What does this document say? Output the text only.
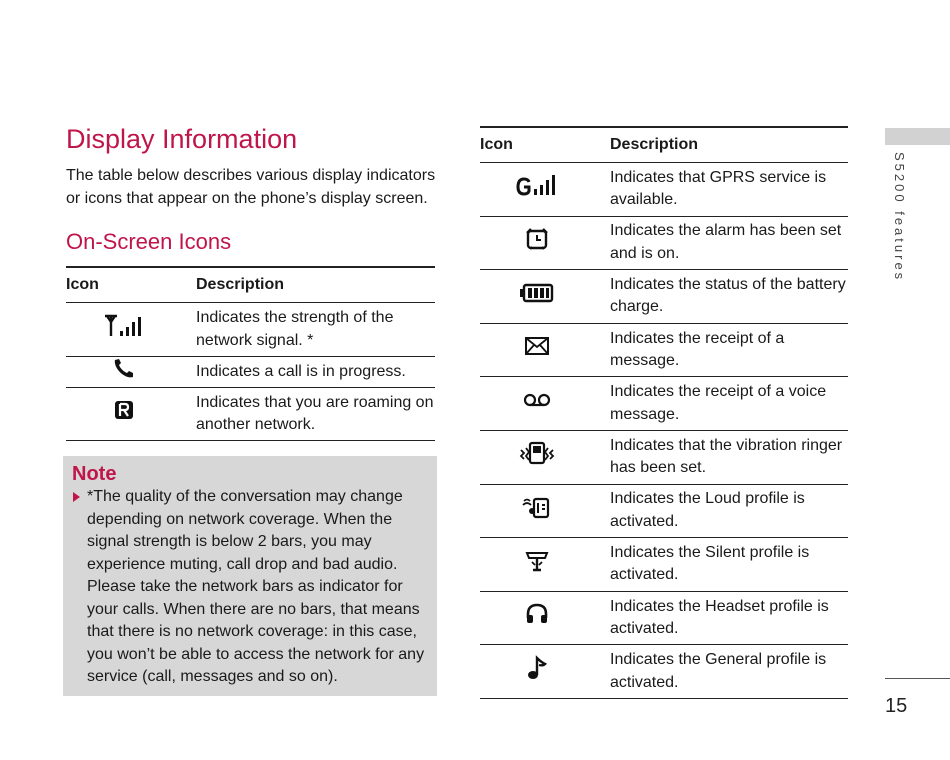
Display Information
The table below describes various display indicators or icons that appear on the phone’s display screen.
On-Screen Icons
Icon	Description
	Indicates the strength of the network signal. *
	Indicates a call is in progress.
	Indicates that you are roaming on another network.
Note
*The quality of the conversation may change depending on network coverage. When the signal strength is below 2 bars, you may experience muting, call drop and bad audio. Please take the network bars as indicator for your calls. When there are no bars, that means that there is no network coverage: in this case, you won’t be able to access the network for any service (call, messages and so on).
Icon	Description
	Indicates that GPRS service is available.
	Indicates the alarm has been set and is on.
	Indicates the status of the battery charge.
	Indicates the receipt of a message.
	Indicates the receipt of a voice message.
	Indicates that the vibration ringer has been set.
	Indicates the Loud profile is activated.
	Indicates the Silent profile is activated.
	Indicates the Headset profile is activated.
	Indicates the General profile is activated.
S5200 features
15
